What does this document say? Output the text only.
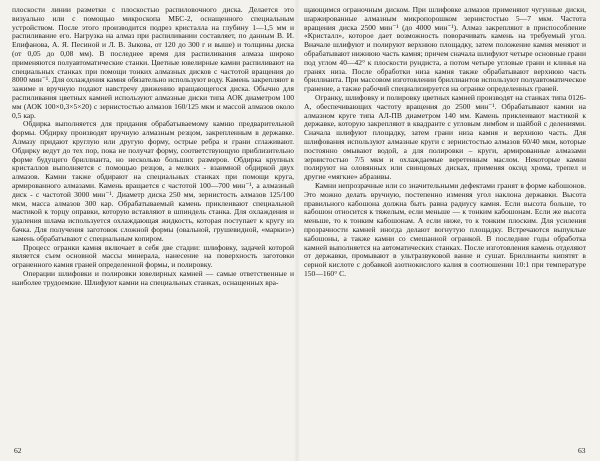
плоскости линии разметки с плоскостью распиловочного диска. Делается это визуально или с помощью микроскопа МБС-2, оснащенного специальным устройством. После этого производится подрез кристалла на глубину 1—1,5 мм и распиливание его. Нагрузка на алмаз при распиливании составляет, по данным В. И. Епифанова, А. Я. Песиной и Л. В. Зыкова, от 120 до 300 г и выше) и толщины диска (от 0,05 до 0,08 мм). В последнее время для распиливания алмаза широко применяются полуавтоматические станки. Цветные ювелирные камни распиливают на специальных станках при помощи тонких алмазных дисков с частотой вращения до 8000 мин⁻¹. Для охлаждения камня обязательно используют воду. Камень закрепляют в зажиме и вручную подают навстречу движению вращающегося диска. Обычно для распиливания цветных камней используют алмазные диски типа АОК диаметром 100 мм (АОК 100×0,3×5×20) с зернистостью алмазов 160/125 мкм и массой алмазов около 0,5 кар.

Обдирка выполняется для придания обрабатываемому камню предварительной формы. Обдирку производят вручную алмазным резцом, закрепленным в державке. Алмазу придают круглую или другую форму, острые ребра и грани сглаживают. Обдирку ведут до тех пор, пока не получат форму, соответствующую приблизительно форме будущего бриллианта, но несколько больших размеров. Обдирка крупных кристаллов выполняется с помощью резцов, а мелких - взаимной обдиркой двух алмазов. Камни также обдирают на специальных станках при помощи круга, армированного алмазами. Камень вращается с частотой 100—700 мин⁻¹, а алмазный диск - с частотой 3000 мин⁻¹. Диаметр диска 250 мм, зернистость алмазов 125/100 мкм, масса алмазов 300 кар. Обрабатываемый камень приклеивают специальной мастикой к торцу оправки, которую вставляют в шпиндель станка. Для охлаждения и удаления шлама используется охлаждающая жидкость, которая поступает к кругу из бачка. Для получения заготовок сложной формы (овальной, грушевидной, «маркиз») камень обрабатывают с специальным копиром.

Процесс огранки камня включает в себя две стадии: шлифовку, задачей которой является съем основной массы минерала, нанесение на поверхность заготовки ограненного камня граней определенной формы, и полировку.

Операции шлифовки и полировки ювелирных камней — самые ответственные и наиболее трудоемкие. Шлифуют камни на специальных станках, оснащенных вра-

щающимся ограночным диском. При шлифовке алмазов применяют чугунные диски, шаржированные алмазным микропорошком зернистостью 5—7 мкм. Частота вращения диска 2500 мин⁻¹ (до 4000 мин⁻¹). Алмаз закрепляют в приспособление «Кристалл», которое дает возможность поворачивать камень на требуемый угол. Вначале шлифуют и полируют верхнюю площадку, затем положение камня меняют и обрабатывают нижнюю часть камня; причем сначала шлифуют четыре основные грани под углом 40—42° к плоскости рундиста, а потом четыре угловые грани и клинья на гранях низа. После обработки низа камня также обрабатывают верхнюю часть бриллианта. При массовом изготовлении бриллиантов используют полуавтоматическое гранение, а также рабочий специализируется на огранке определенных граней.

Огранку, шлифовку и полировку цветных камней производят на станках типа 0126-А, обеспечивающих частоту вращения до 2500 мин⁻¹. Обрабатывают камни на алмазном круге типа АЛ-ПВ диаметром 140 мм. Камень приклеивают мастикой к державке, которую закрепляют в квадранте с угловым лимбом и шайбой с делениями. Сначала шлифуют площадку, затем грани низа камня и верхнюю часть. Для шлифования используют алмазные круги с зернистостью алмазов 60/40 мкм, которые постоянно омывают водой, а для полировки – круги, армированные алмазами зернистостью 7/5 мкм и охлаждаемые веретенным маслом. Некоторые камни полируют на оловянных или свинцовых дисках, применяя оксид хрома, трепел и другие «мягкие» абразивы.

Камни непрозрачные или со значительными дефектами гранят в форме кабошонов. Это можно делать вручную, постепенно изменяя угол наклона державки. Высота правильного кабошона должна быть равна радиусу камня. Если высота больше, то кабошон относится к тяжелым, если меньше — к тонким кабошонам. Если же высота меньше, то к тонким кабошонам. А если ниже, то к тонким плоским. Для усиления прозрачности камней иногда делают вогнутую площадку. Встречаются выпуклые кабошоны, а также камни со смешанной огранкой. В последние годы обработка камней выполняется на автоматических станках. После изготовления камень отделяют от державки, промывают в ультразвуковой ванне и сушат. Бриллианты кипятят в серной кислоте с добавкой азотнокислого калия в соотношении 10:1 при температуре 150—160° С.

62	63
